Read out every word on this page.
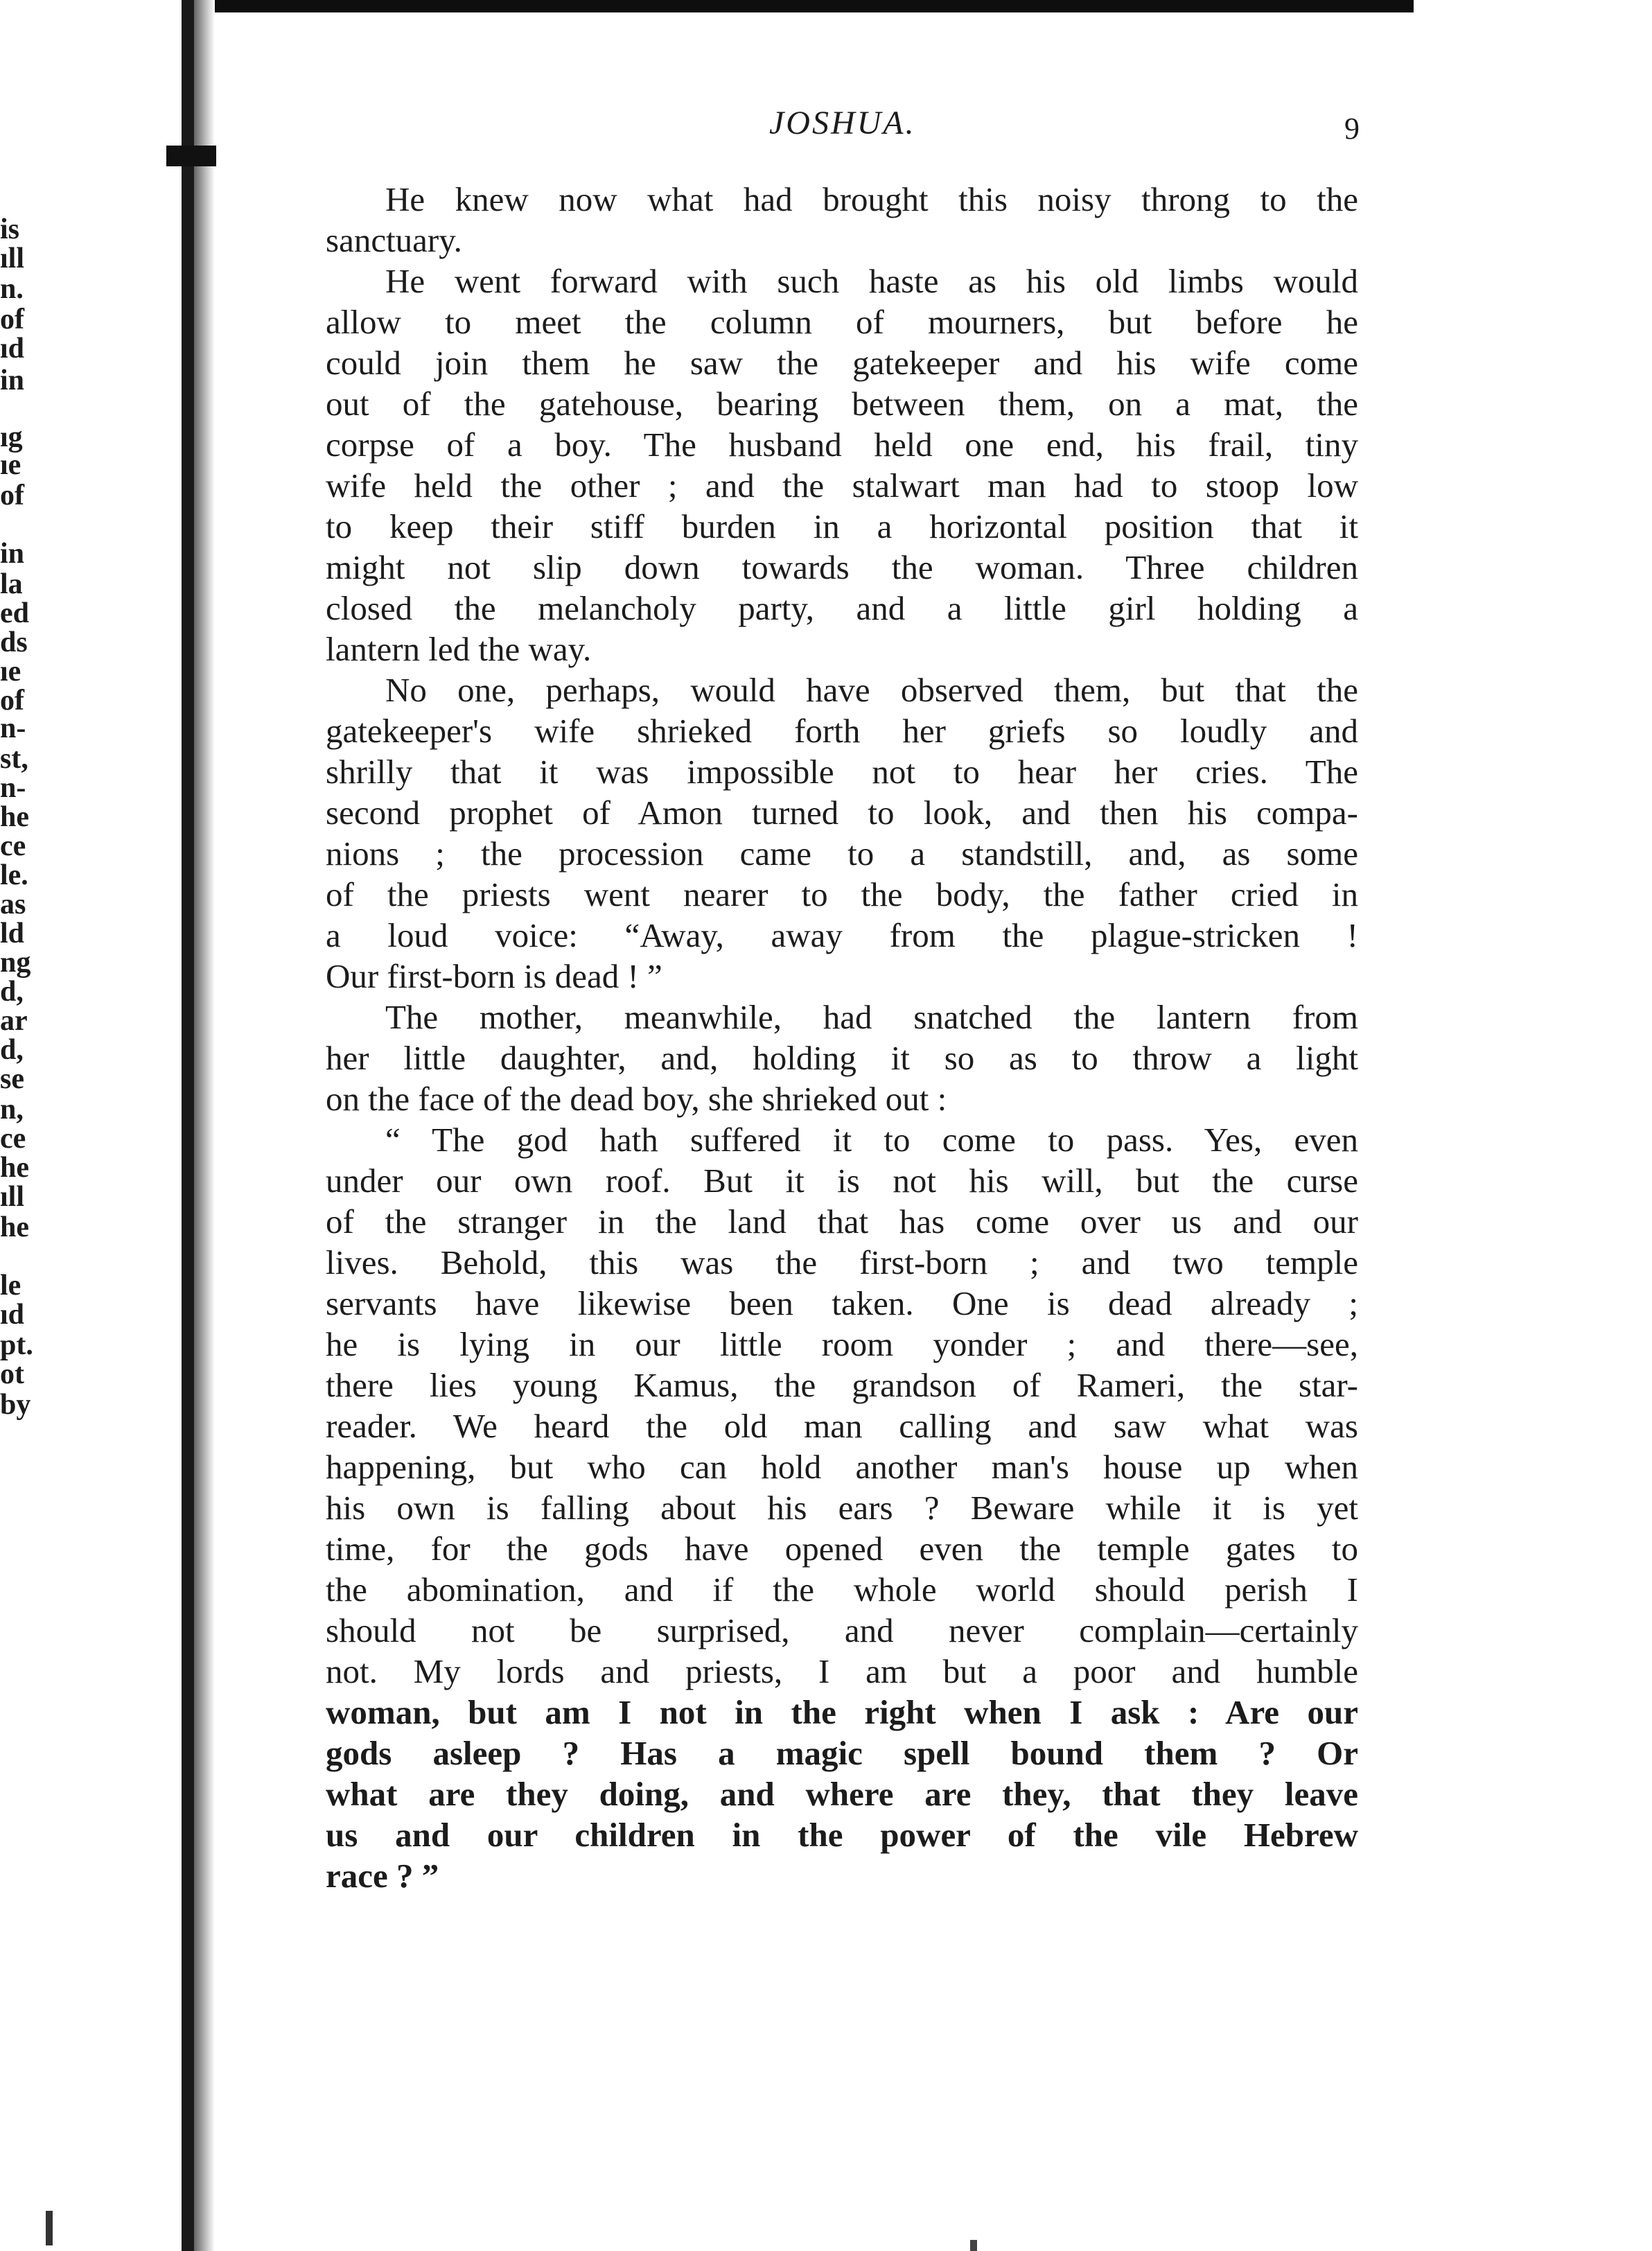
is
ıll
n.
of
ıd
in
ıg
ıe
of
in
la
ed
ds
ıe
of
n-
st,
n-
he
ce
le.
as
ld
ng
d,
ar
d,
se
n,
ce
he
ıll
he
le
ıd
pt.
ot
by
JOSHUA.	9
He knew now what had brought this noisy throng to the
sanctuary.
He went forward with such haste as his old limbs would
allow to meet the column of mourners, but before he
could join them he saw the gatekeeper and his wife come
out of the gatehouse, bearing between them, on a mat, the
corpse of a boy. The husband held one end, his frail, tiny
wife held the other ; and the stalwart man had to stoop low
to keep their stiff burden in a horizontal position that it
might not slip down towards the woman. Three children
closed the melancholy party, and a little girl holding a
lantern led the way.
No one, perhaps, would have observed them, but that the
gatekeeper's wife shrieked forth her griefs so loudly and
shrilly that it was impossible not to hear her cries. The
second prophet of Amon turned to look, and then his compa-
nions ; the procession came to a standstill, and, as some
of the priests went nearer to the body, the father cried in
a loud voice: “Away, away from the plague-stricken !
Our first-born is dead ! ”
The mother, meanwhile, had snatched the lantern from
her little daughter, and, holding it so as to throw a light
on the face of the dead boy, she shrieked out :
“ The god hath suffered it to come to pass. Yes, even
under our own roof. But it is not his will, but the curse
of the stranger in the land that has come over us and our
lives. Behold, this was the first-born ; and two temple
servants have likewise been taken. One is dead already ;
he is lying in our little room yonder ; and there—see,
there lies young Kamus, the grandson of Rameri, the star-
reader. We heard the old man calling and saw what was
happening, but who can hold another man's house up when
his own is falling about his ears ? Beware while it is yet
time, for the gods have opened even the temple gates to
the abomination, and if the whole world should perish I
should not be surprised, and never complain—certainly
not. My lords and priests, I am but a poor and humble
woman, but am I not in the right when I ask : Are our
gods asleep ? Has a magic spell bound them ? Or
what are they doing, and where are they, that they leave
us and our children in the power of the vile Hebrew
race ? ”
